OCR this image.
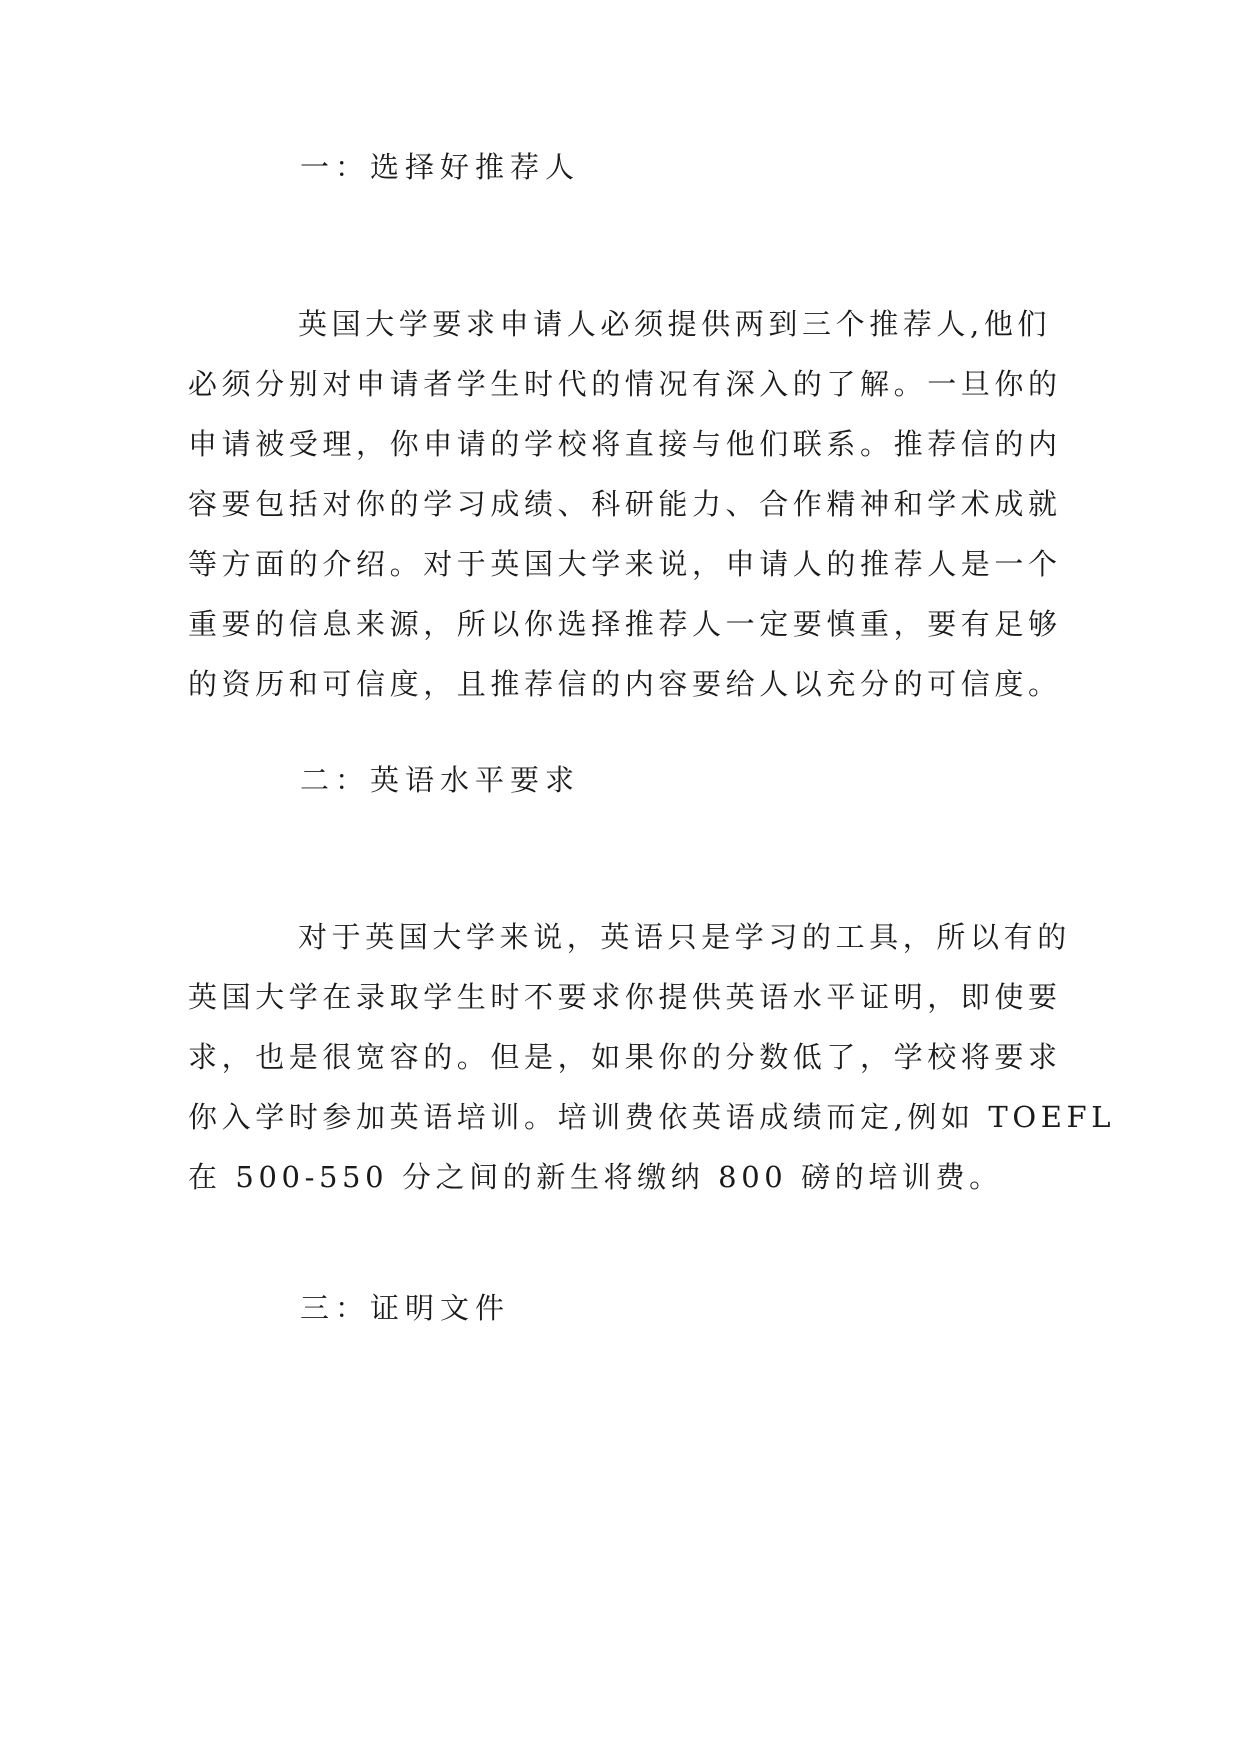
一：选择好推荐人
英国大学要求申请人必须提供两到三个推荐人,他们
必须分别对申请者学生时代的情况有深入的了解。一旦你的
申请被受理，你申请的学校将直接与他们联系。推荐信的内
容要包括对你的学习成绩、科研能力、合作精神和学术成就
等方面的介绍。对于英国大学来说，申请人的推荐人是一个
重要的信息来源，所以你选择推荐人一定要慎重，要有足够
的资历和可信度，且推荐信的内容要给人以充分的可信度。
二：英语水平要求
对于英国大学来说，英语只是学习的工具，所以有的
英国大学在录取学生时不要求你提供英语水平证明，即使要
求，也是很宽容的。但是，如果你的分数低了，学校将要求
你入学时参加英语培训。培训费依英语成绩而定,例如 TOEFL
在 500-550 分之间的新生将缴纳 800 磅的培训费。
三：证明文件
